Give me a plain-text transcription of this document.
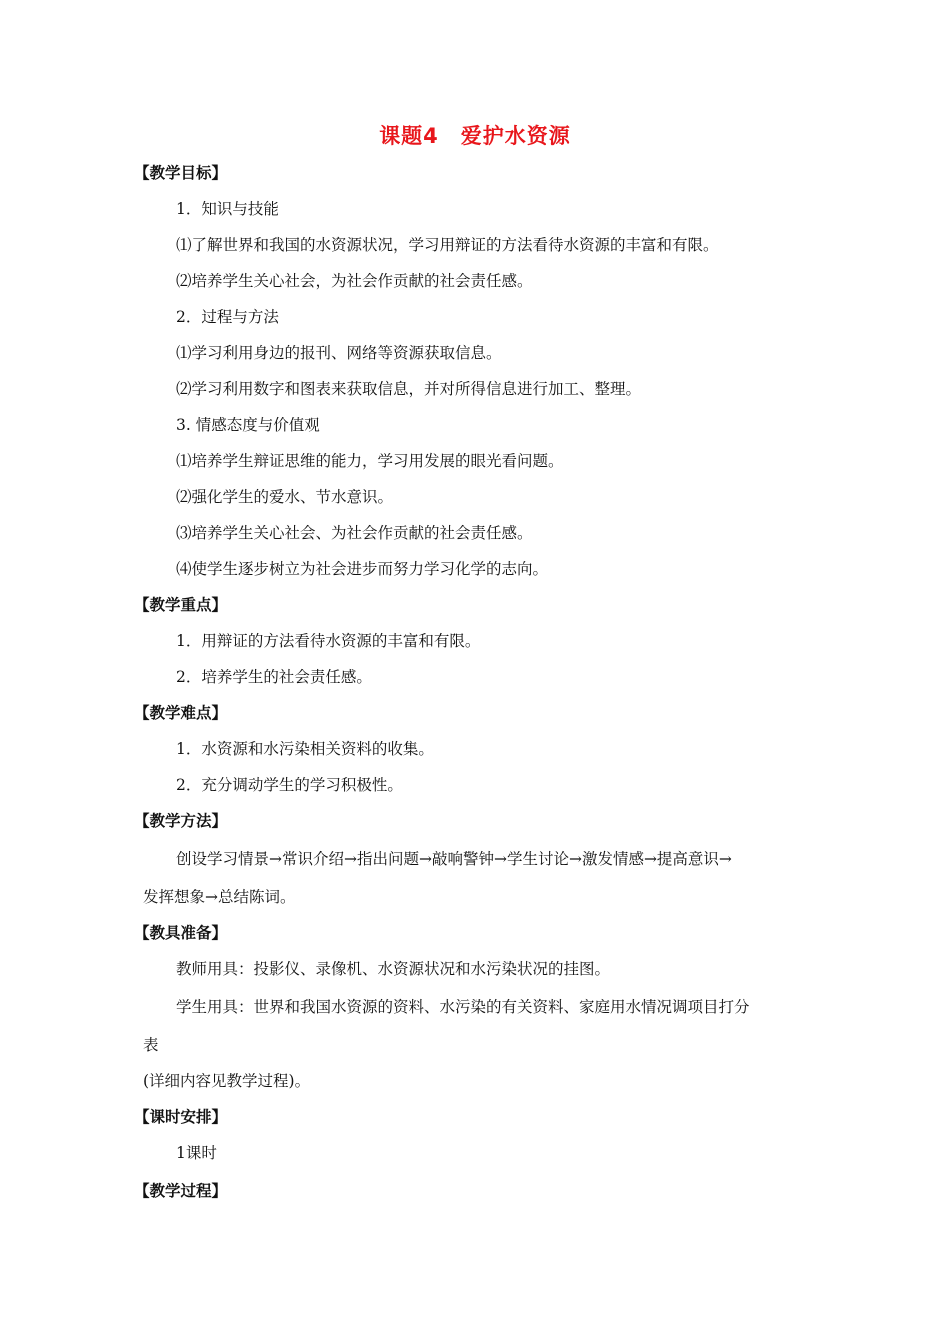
课题4　爱护水资源
【教学目标】
1．知识与技能
⑴了解世界和我国的水资源状况，学习用辩证的方法看待水资源的丰富和有限。
⑵培养学生关心社会，为社会作贡献的社会责任感。
2．过程与方法
⑴学习利用身边的报刊、网络等资源获取信息。
⑵学习利用数字和图表来获取信息，并对所得信息进行加工、整理。
3. 情感态度与价值观
⑴培养学生辩证思维的能力，学习用发展的眼光看问题。
⑵强化学生的爱水、节水意识。
⑶培养学生关心社会、为社会作贡献的社会责任感。
⑷使学生逐步树立为社会进步而努力学习化学的志向。
【教学重点】
1．用辩证的方法看待水资源的丰富和有限。
2．培养学生的社会责任感。
【教学难点】
1．水资源和水污染相关资料的收集。
2．充分调动学生的学习积极性。
【教学方法】
创设学习情景→常识介绍→指出问题→敲响警钟→学生讨论→激发情感→提高意识→
发挥想象→总结陈词。
【教具准备】
教师用具：投影仪、录像机、水资源状况和水污染状况的挂图。
学生用具：世界和我国水资源的资料、水污染的有关资料、家庭用水情况调项目打分
表
(详细内容见教学过程)。
【课时安排】
1课时
【教学过程】
